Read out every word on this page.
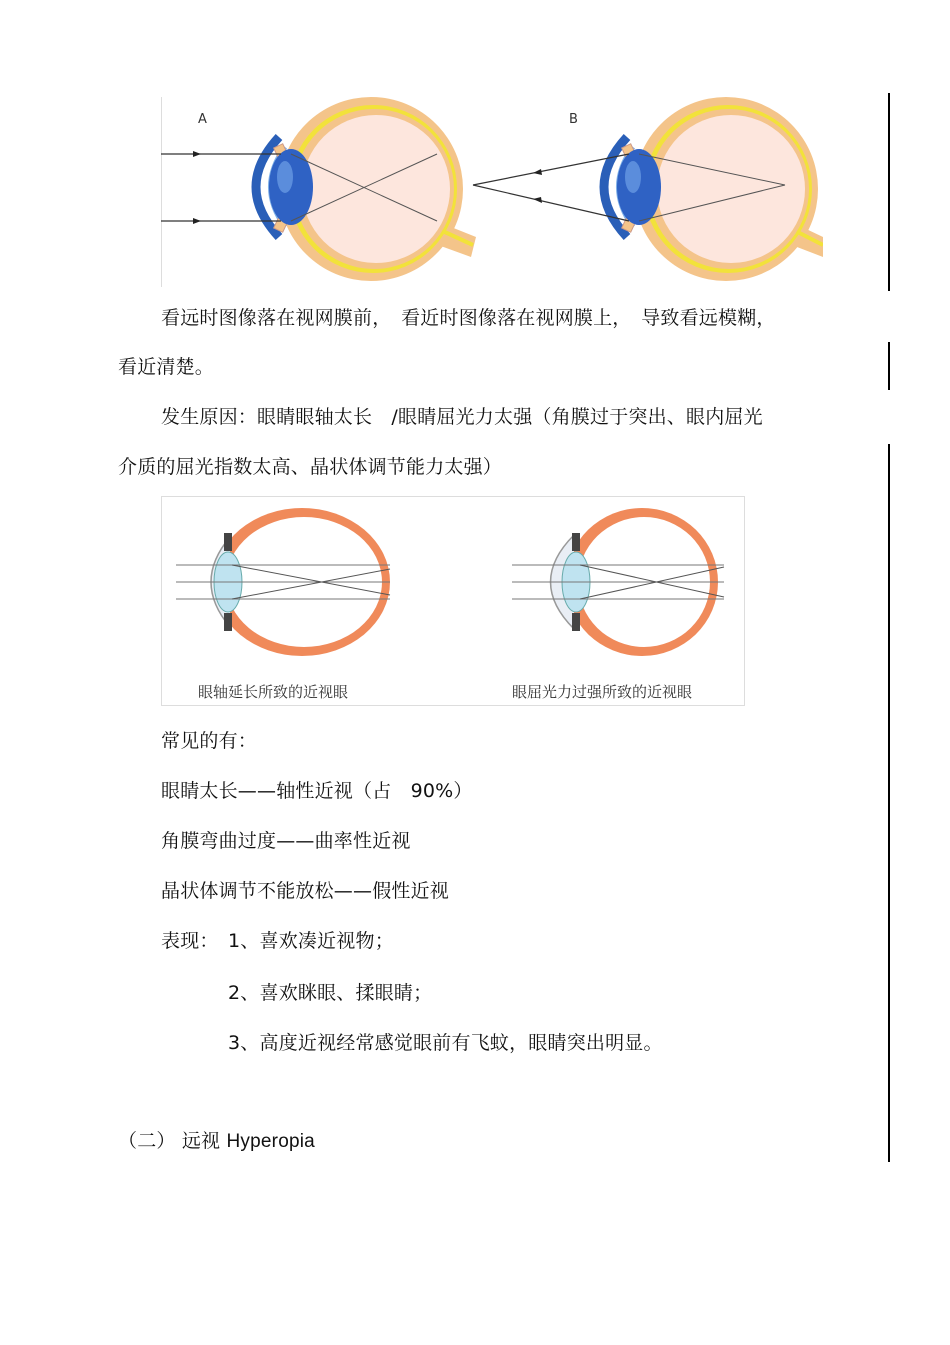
A	B
看远时图像落在视网膜前，　看近时图像落在视网膜上，　导致看远模糊，
看近清楚。
发生原因：眼睛眼轴太长　/眼睛屈光力太强（角膜过于突出、眼内屈光
介质的屈光指数太高、晶状体调节能力太强）
眼轴延长所致的近视眼	眼屈光力过强所致的近视眼
常见的有：
眼睛太长——轴性近视（占　90%）
角膜弯曲过度——曲率性近视
晶状体调节不能放松——假性近视
表现： 1、喜欢凑近视物；
2、喜欢眯眼、揉眼睛；
3、高度近视经常感觉眼前有飞蚊，眼睛突出明显。
（二） 远视 Hyperopia
